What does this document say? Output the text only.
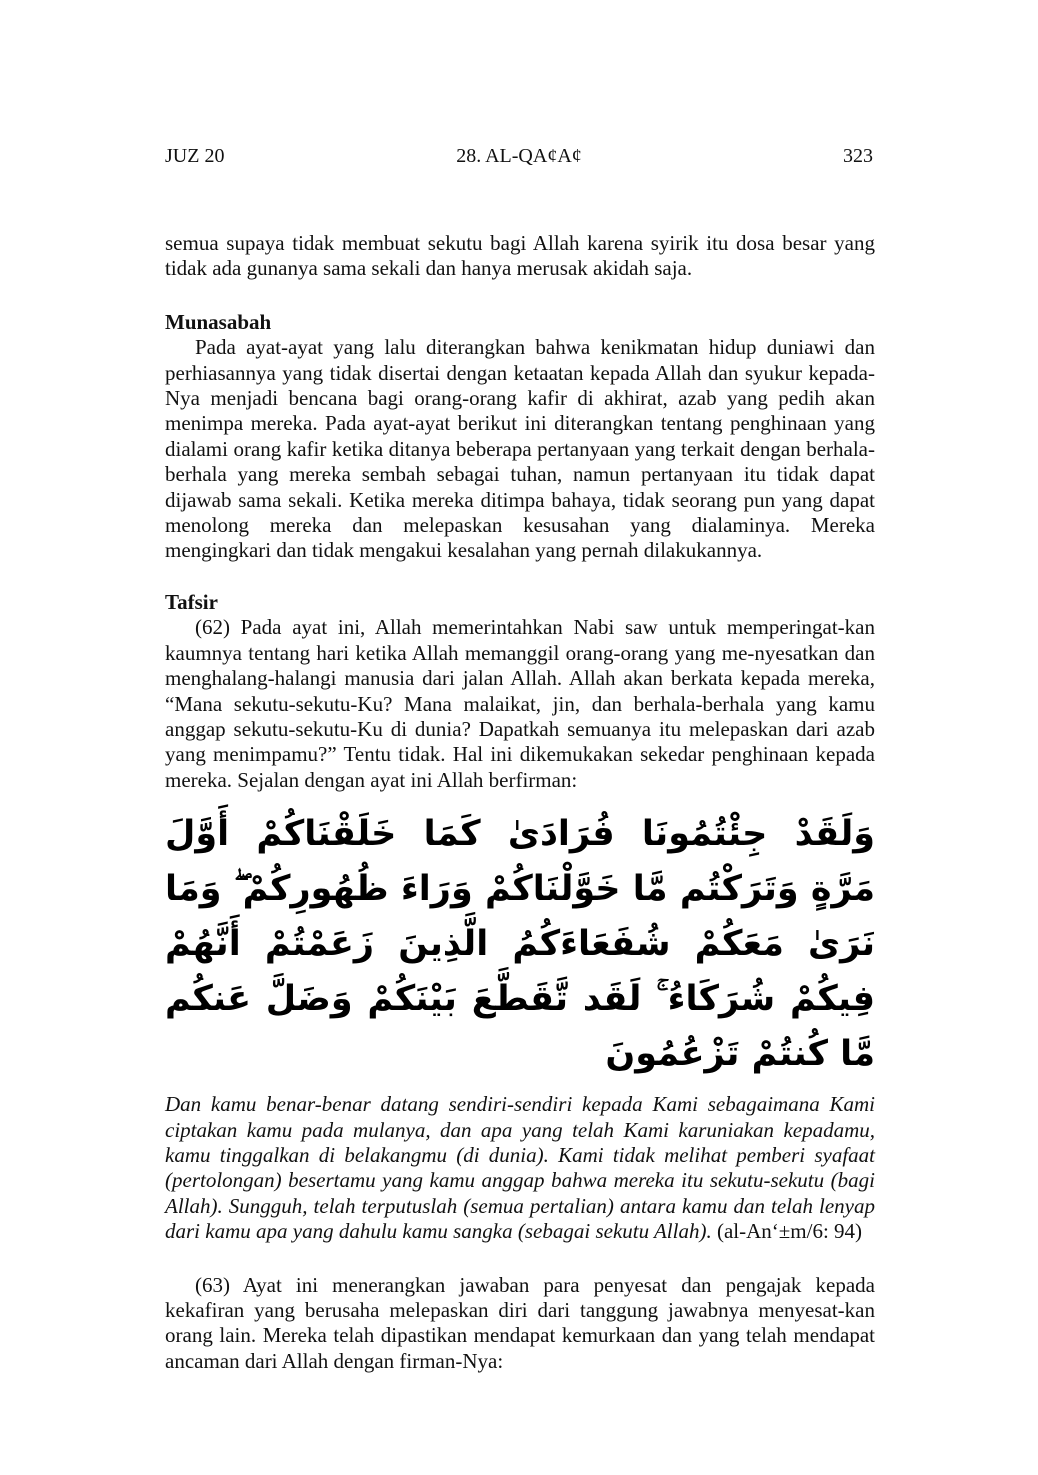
JUZ 20	28. AL-QA¢A¢	323

semua supaya tidak membuat sekutu bagi Allah karena syirik itu dosa besar yang tidak ada gunanya sama sekali dan hanya merusak akidah saja.

Munasabah

Pada ayat-ayat yang lalu diterangkan bahwa kenikmatan hidup duniawi dan perhiasannya yang tidak disertai dengan ketaatan kepada Allah dan syukur kepada-Nya menjadi bencana bagi orang-orang kafir di akhirat, azab yang pedih akan menimpa mereka. Pada ayat-ayat berikut ini diterangkan tentang penghinaan yang dialami orang kafir ketika ditanya beberapa pertanyaan yang terkait dengan berhala-berhala yang mereka sembah sebagai tuhan, namun pertanyaan itu tidak dapat dijawab sama sekali. Ketika mereka ditimpa bahaya, tidak seorang pun yang dapat menolong mereka dan melepaskan kesusahan yang dialaminya. Mereka mengingkari dan tidak mengakui kesalahan yang pernah dilakukannya.

Tafsir

(62) Pada ayat ini, Allah memerintahkan Nabi saw untuk memperingat-kan kaumnya tentang hari ketika Allah memanggil orang-orang yang me-nyesatkan dan menghalang-halangi manusia dari jalan Allah. Allah akan berkata kepada mereka, “Mana sekutu-sekutu-Ku? Mana malaikat, jin, dan berhala-berhala yang kamu anggap sekutu-sekutu-Ku di dunia? Dapatkah semuanya itu melepaskan dari azab yang menimpamu?” Tentu tidak. Hal ini dikemukakan sekedar penghinaan kepada mereka. Sejalan dengan ayat ini Allah berfirman:

وَلَقَدْ جِئْتُمُونَا فُرَادَىٰ كَمَا خَلَقْنَاكُمْ أَوَّلَ مَرَّةٍ وَتَرَكْتُم مَّا خَوَّلْنَاكُمْ وَرَاءَ ظُهُورِكُمْ ۖ وَمَا نَرَىٰ مَعَكُمْ شُفَعَاءَكُمُ الَّذِينَ زَعَمْتُمْ أَنَّهُمْ فِيكُمْ شُرَكَاءُ ۚ لَقَد تَّقَطَّعَ بَيْنَكُمْ وَضَلَّ عَنكُم مَّا كُنتُمْ تَزْعُمُونَ

Dan kamu benar-benar datang sendiri-sendiri kepada Kami sebagaimana Kami ciptakan kamu pada mulanya, dan apa yang telah Kami karuniakan kepadamu, kamu tinggalkan di belakangmu (di dunia). Kami tidak melihat pemberi syafaat (pertolongan) besertamu yang kamu anggap bahwa mereka itu sekutu-sekutu (bagi Allah). Sungguh, telah terputuslah (semua pertalian) antara kamu dan telah lenyap dari kamu apa yang dahulu kamu sangka (sebagai sekutu Allah). (al-An‘±m/6: 94)

(63) Ayat ini menerangkan jawaban para penyesat dan pengajak kepada kekafiran yang berusaha melepaskan diri dari tanggung jawabnya menyesat-kan orang lain. Mereka telah dipastikan mendapat kemurkaan dan yang telah mendapat ancaman dari Allah dengan firman-Nya:
